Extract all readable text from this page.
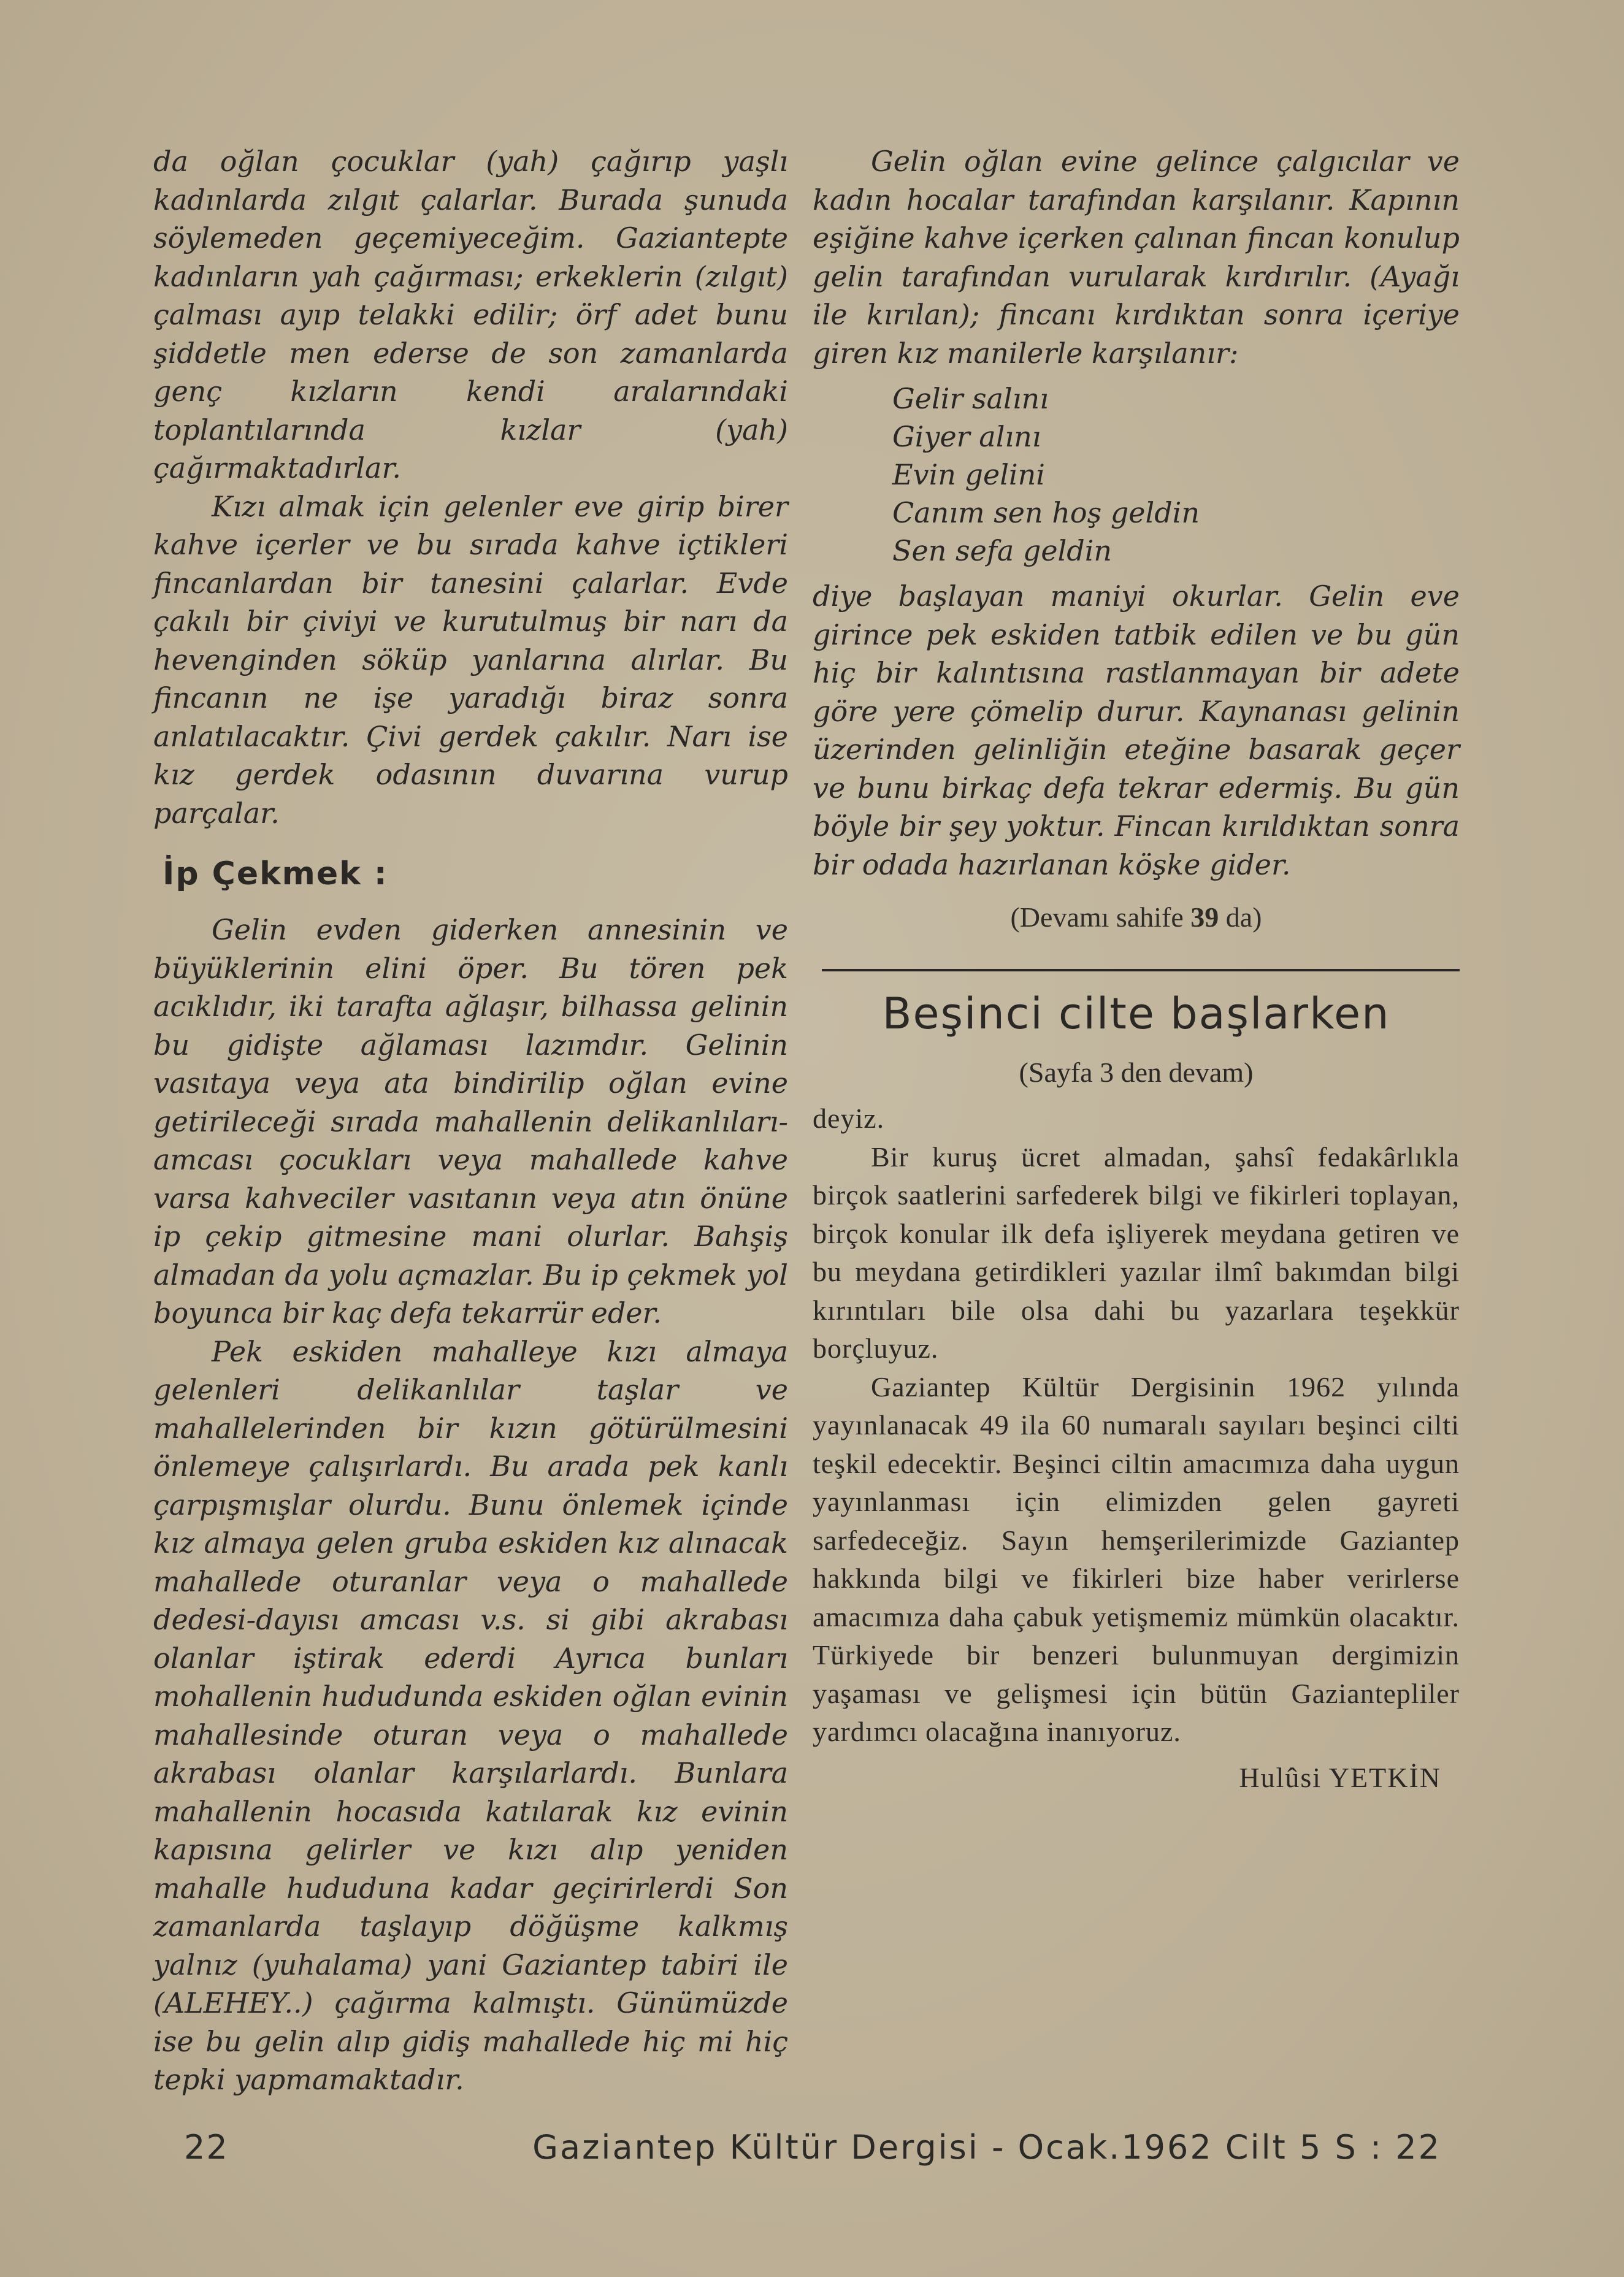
da oğlan çocuklar (yah) çağırıp yaşlı kadınlarda zılgıt çalarlar. Burada şunuda söylemeden geçemiyeceğim. Gaziantepte kadınların yah çağırması; erkeklerin (zılgıt) çalması ayıp telakki edilir; örf adet bunu şiddetle men ederse de son zamanlarda genç kızların kendi aralarındaki toplantılarında kızlar (yah) çağırmaktadırlar.

Kızı almak için gelenler eve girip birer kahve içerler ve bu sırada kahve içtikleri fincanlardan bir tanesini çalarlar. Evde çakılı bir çiviyi ve kurutulmuş bir narı da hevenginden söküp yanlarına alırlar. Bu fincanın ne işe yaradığı biraz sonra anlatılacaktır. Çivi gerdek çakılır. Narı ise kız gerdek odasının duvarına vurup parçalar.

İp Çekmek :

Gelin evden giderken annesinin ve büyüklerinin elini öper. Bu tören pek acıklıdır, iki tarafta ağlaşır, bilhassa gelinin bu gidişte ağlaması lazımdır. Gelinin vasıtaya veya ata bindirilip oğlan evine getirileceği sırada mahallenin delikanlıları-amcası çocukları veya mahallede kahve varsa kahveciler vasıtanın veya atın önüne ip çekip gitmesine mani olurlar. Bahşiş almadan da yolu açmazlar. Bu ip çekmek yol boyunca bir kaç defa tekarrür eder.

Pek eskiden mahalleye kızı almaya gelenleri delikanlılar taşlar ve mahallelerinden bir kızın götürülmesini önlemeye çalışırlardı. Bu arada pek kanlı çarpışmışlar olurdu. Bunu önlemek içinde kız almaya gelen gruba eskiden kız alınacak mahallede oturanlar veya o mahallede dedesi-dayısı amcası v.s. si gibi akrabası olanlar iştirak ederdi Ayrıca bunları mohallenin hududunda eskiden oğlan evinin mahallesinde oturan veya o mahallede akrabası olanlar karşılarlardı. Bunlara mahallenin hocasıda katılarak kız evinin kapısına gelirler ve kızı alıp yeniden mahalle hududuna kadar geçirirlerdi Son zamanlarda taşlayıp döğüşme kalkmış yalnız (yuhalama) yani Gaziantep tabiri ile (ALEHEY..) çağırma kalmıştı. Günümüzde ise bu gelin alıp gidiş mahallede hiç mi hiç tepki yapmamaktadır.

Gelin oğlan evine gelince çalgıcılar ve kadın hocalar tarafından karşılanır. Kapının eşiğine kahve içerken çalınan fincan konulup gelin tarafından vurularak kırdırılır. (Ayağı ile kırılan); fincanı kırdıktan sonra içeriye giren kız manilerle karşılanır:

Gelir salını
Giyer alını
Evin gelini
Canım sen hoş geldin
Sen sefa geldin

diye başlayan maniyi okurlar. Gelin eve girince pek eskiden tatbik edilen ve bu gün hiç bir kalıntısına rastlanmayan bir adete göre yere çömelip durur. Kaynanası gelinin üzerinden gelinliğin eteğine basarak geçer ve bunu birkaç defa tekrar edermiş. Bu gün böyle bir şey yoktur. Fincan kırıldıktan sonra bir odada hazırlanan köşke gider.

(Devamı sahife 39 da)
Beşinci cilte başlarken
(Sayfa 3 den devam)

deyiz.

Bir kuruş ücret almadan, şahsî fedakârlıkla birçok saatlerini sarfederek bilgi ve fikirleri toplayan, birçok konular ilk defa işliyerek meydana getiren ve bu meydana getirdikleri yazılar ilmî bakımdan bilgi kırıntıları bile olsa dahi bu yazarlara teşekkür borçluyuz.

Gaziantep Kültür Dergisinin 1962 yılında yayınlanacak 49 ila 60 numaralı sayıları beşinci cilti teşkil edecektir. Beşinci ciltin amacımıza daha uygun yayınlanması için elimizden gelen gayreti sarfedeceğiz. Sayın hemşerilerimizde Gaziantep hakkında bilgi ve fikirleri bize haber verirlerse amacımıza daha çabuk yetişmemiz mümkün olacaktır. Türkiyede bir benzeri bulunmuyan dergimizin yaşaması ve gelişmesi için bütün Gaziantepliler yardımcı olacağına inanıyoruz.

Hulûsi YETKİN
22	Gaziantep Kültür Dergisi - Ocak.1962 Cilt 5 S : 22
